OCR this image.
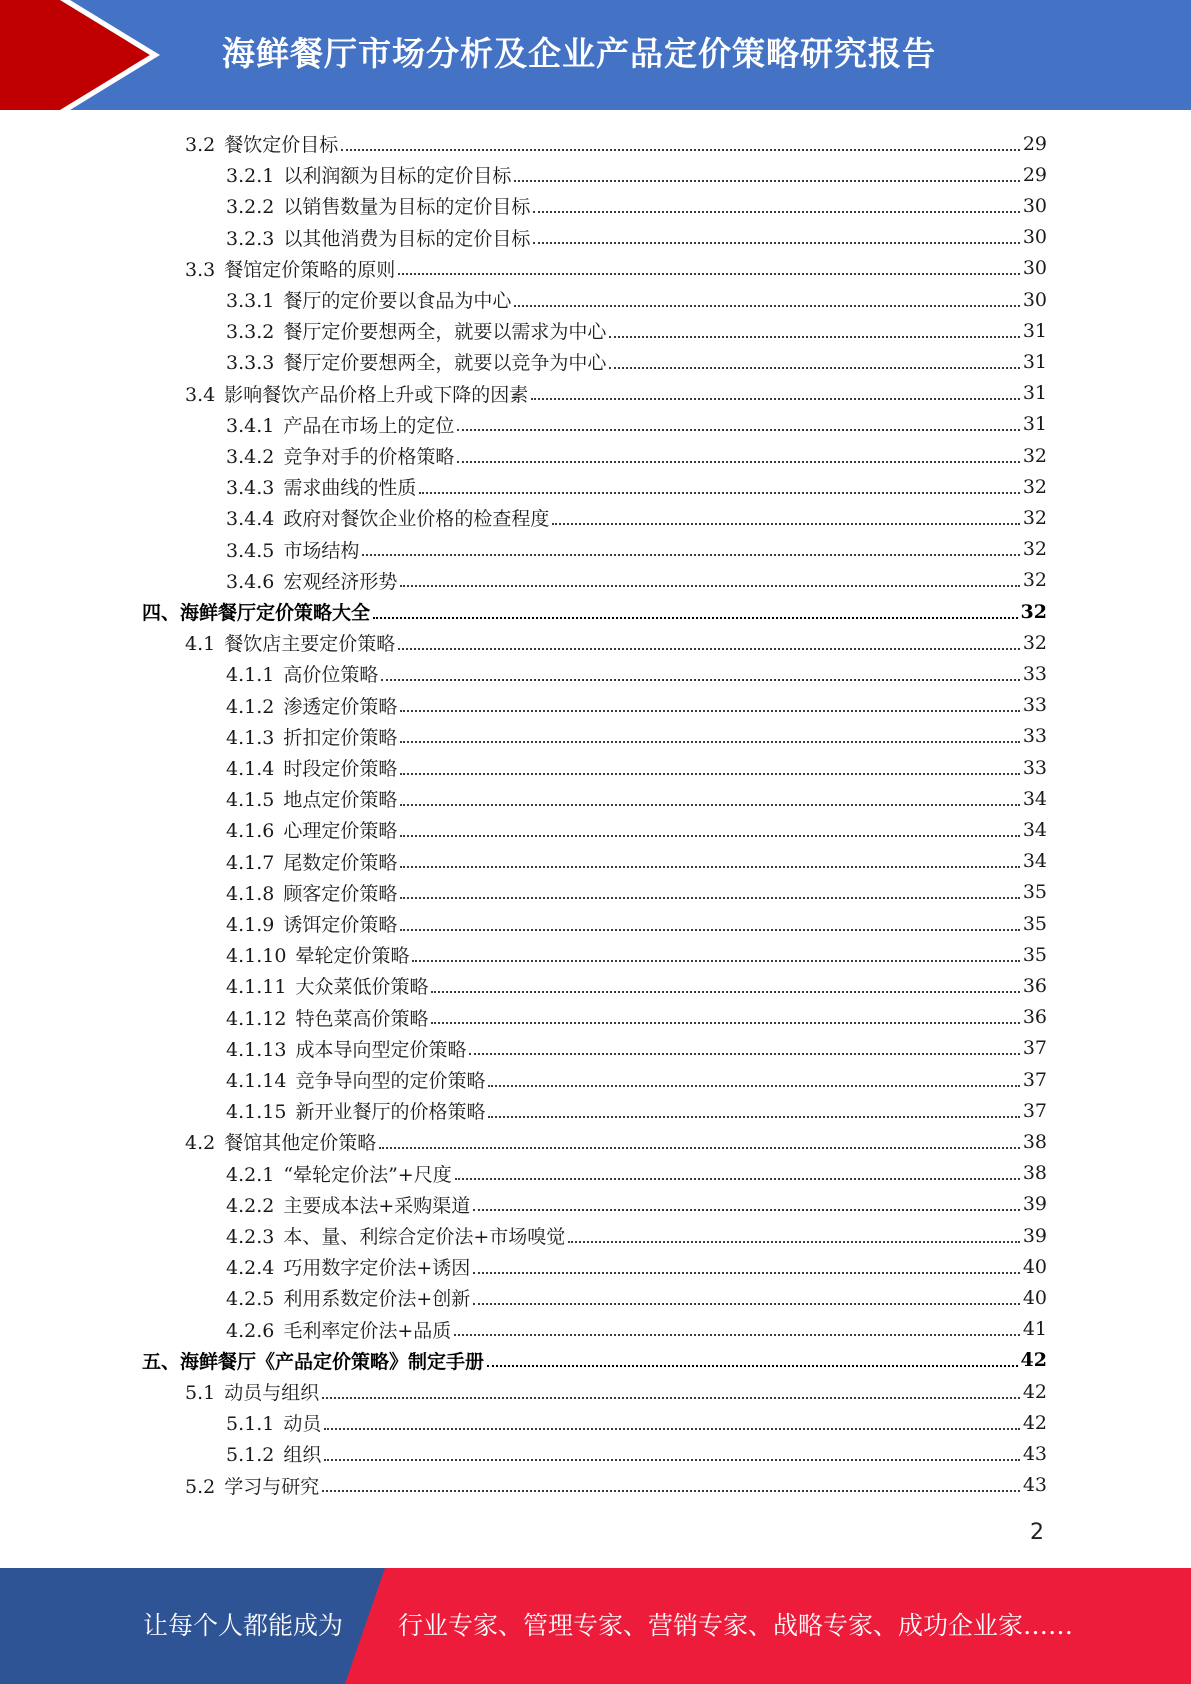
海鲜餐厅市场分析及企业产品定价策略研究报告
3.2 餐饮定价目标	29
3.2.1 以利润额为目标的定价目标	29
3.2.2 以销售数量为目标的定价目标	30
3.2.3 以其他消费为目标的定价目标	30
3.3 餐馆定价策略的原则	30
3.3.1 餐厅的定价要以食品为中心	30
3.3.2 餐厅定价要想两全，就要以需求为中心	31
3.3.3 餐厅定价要想两全，就要以竞争为中心	31
3.4 影响餐饮产品价格上升或下降的因素	31
3.4.1 产品在市场上的定位	31
3.4.2 竞争对手的价格策略	32
3.4.3 需求曲线的性质	32
3.4.4 政府对餐饮企业价格的检查程度	32
3.4.5 市场结构	32
3.4.6 宏观经济形势	32
四、海鲜餐厅定价策略大全	32
4.1 餐饮店主要定价策略	32
4.1.1 高价位策略	33
4.1.2 渗透定价策略	33
4.1.3 折扣定价策略	33
4.1.4 时段定价策略	33
4.1.5 地点定价策略	34
4.1.6 心理定价策略	34
4.1.7 尾数定价策略	34
4.1.8 顾客定价策略	35
4.1.9 诱饵定价策略	35
4.1.10 晕轮定价策略	35
4.1.11 大众菜低价策略	36
4.1.12 特色菜高价策略	36
4.1.13 成本导向型定价策略	37
4.1.14 竞争导向型的定价策略	37
4.1.15 新开业餐厅的价格策略	37
4.2 餐馆其他定价策略	38
4.2.1 “晕轮定价法”+尺度	38
4.2.2 主要成本法+采购渠道	39
4.2.3 本、量、利综合定价法+市场嗅觉	39
4.2.4 巧用数字定价法+诱因	40
4.2.5 利用系数定价法+创新	40
4.2.6 毛利率定价法+品质	41
五、海鲜餐厅《产品定价策略》制定手册	42
5.1 动员与组织	42
5.1.1 动员	42
5.1.2 组织	43
5.2 学习与研究	43
2
让每个人都能成为 行业专家、管理专家、营销专家、战略专家、成功企业家……
